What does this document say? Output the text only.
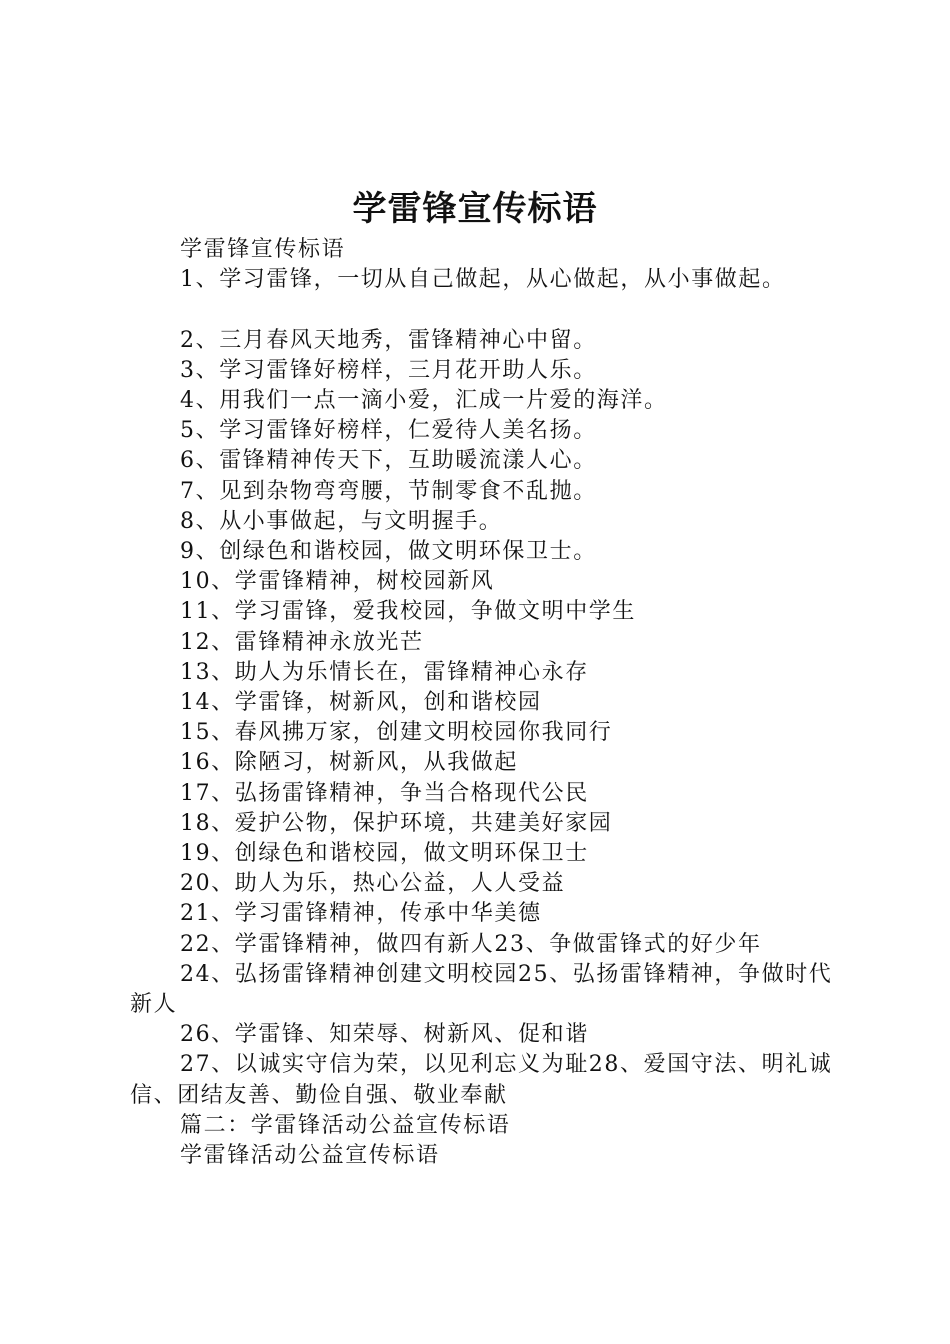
学雷锋宣传标语

学雷锋宣传标语

1、学习雷锋，一切从自己做起，从心做起，从小事做起。

2、三月春风天地秀，雷锋精神心中留。

3、学习雷锋好榜样，三月花开助人乐。

4、用我们一点一滴小爱，汇成一片爱的海洋。

5、学习雷锋好榜样，仁爱待人美名扬。

6、雷锋精神传天下，互助暖流漾人心。

7、见到杂物弯弯腰，节制零食不乱抛。

8、从小事做起，与文明握手。

9、创绿色和谐校园，做文明环保卫士。

10、学雷锋精神，树校园新风

11、学习雷锋，爱我校园，争做文明中学生

12、雷锋精神永放光芒

13、助人为乐情长在，雷锋精神心永存

14、学雷锋，树新风，创和谐校园

15、春风拂万家，创建文明校园你我同行

16、除陋习，树新风，从我做起

17、弘扬雷锋精神，争当合格现代公民

18、爱护公物，保护环境，共建美好家园

19、创绿色和谐校园，做文明环保卫士

20、助人为乐，热心公益，人人受益

21、学习雷锋精神，传承中华美德

22、学雷锋精神，做四有新人23、争做雷锋式的好少年

24、弘扬雷锋精神创建文明校园25、弘扬雷锋精神，争做时代新人

26、学雷锋、知荣辱、树新风、促和谐

27、以诚实守信为荣，以见利忘义为耻28、爱国守法、明礼诚信、团结友善、勤俭自强、敬业奉献

篇二：学雷锋活动公益宣传标语

学雷锋活动公益宣传标语
